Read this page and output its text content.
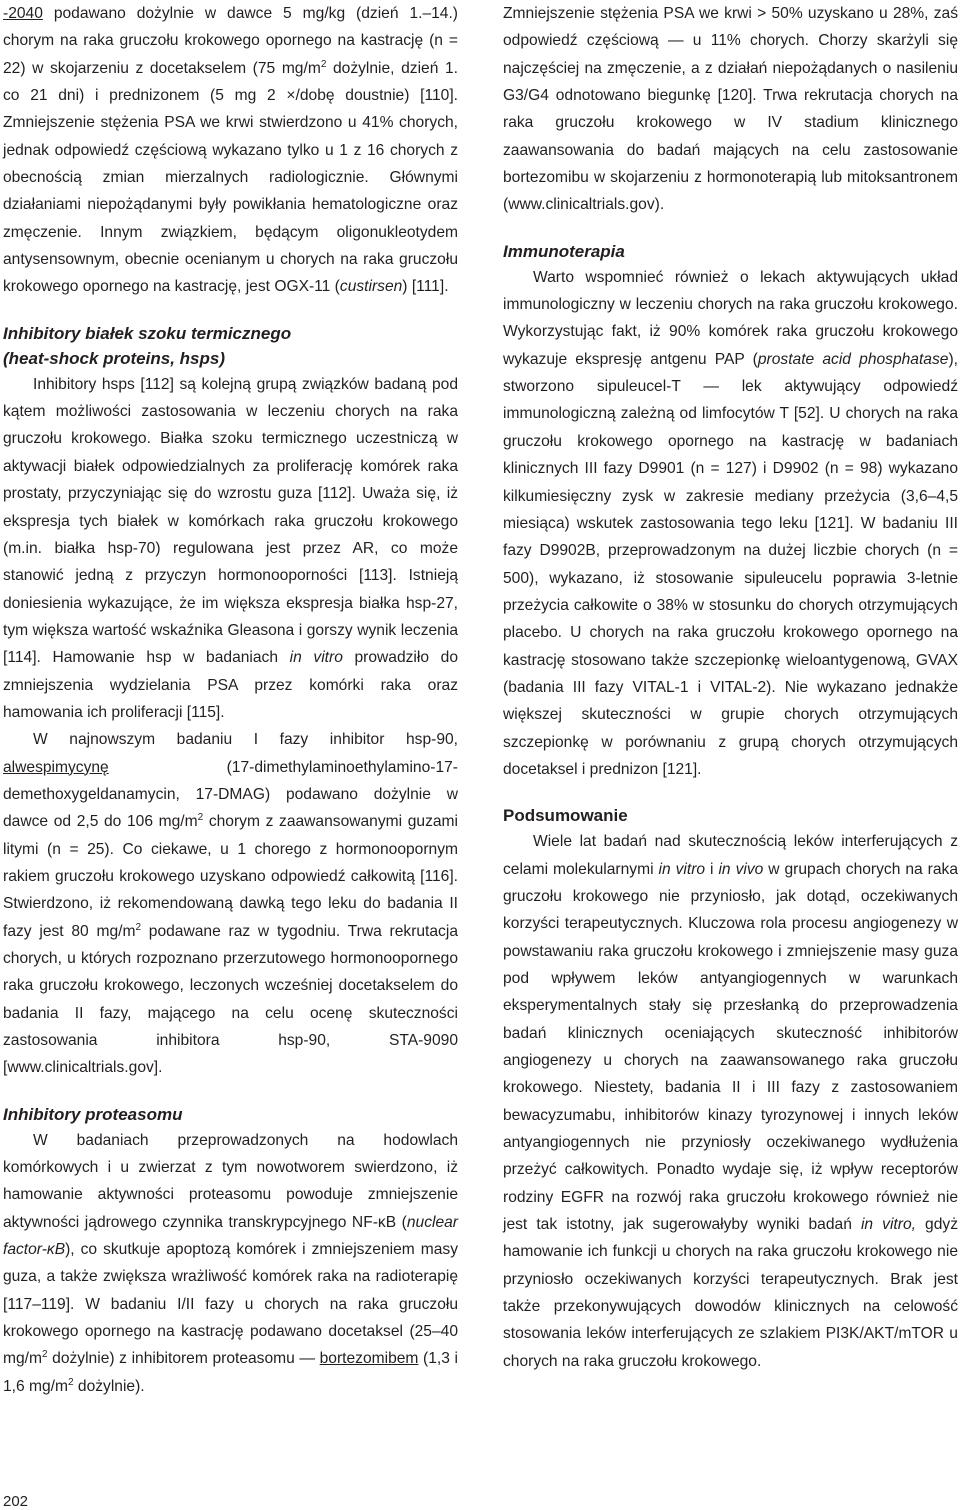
-2040 podawano dożylnie w dawce 5 mg/kg (dzień 1.–14.) chorym na raka gruczołu krokowego opornego na kastrację (n = 22) w skojarzeniu z docetakselem (75 $mg/m^2$ dożylnie, dzień 1. co 21 dni) i prednizonem (5 mg 2 ×/dobę doustnie) [110]. Zmniejszenie stężenia PSA we krwi stwierdzono u 41% chorych, jednak odpowiedź częściową wykazano tylko u 1 z 16 chorych z obecnością zmian mierzalnych radiologicznie. Głównymi działaniami niepożądanymi były powikłania hematologiczne oraz zmęczenie. Innym związkiem, będącym oligonukleotydem antysensownym, obecnie ocenianym u chorych na raka gruczołu krokowego opornego na kastrację, jest OGX-11 (custirsen) [111].

Inhibitory białek szoku termicznego
(heat-shock proteins, hsps)

Inhibitory hsps [112] są kolejną grupą związków badaną pod kątem możliwości zastosowania w leczeniu chorych na raka gruczołu krokowego. Białka szoku termicznego uczestniczą w aktywacji białek odpowiedzialnych za proliferację komórek raka prostaty, przyczyniając się do wzrostu guza [112]. Uważa się, iż ekspresja tych białek w komórkach raka gruczołu krokowego (m.in. białka hsp-70) regulowana jest przez AR, co może stanowić jedną z przyczyn hormonooporności [113]. Istnieją doniesienia wykazujące, że im większa ekspresja białka hsp-27, tym większa wartość wskaźnika Gleasona i gorszy wynik leczenia [114]. Hamowanie hsp w badaniach in vitro prowadziło do zmniejszenia wydzielania PSA przez komórki raka oraz hamowania ich proliferacji [115].

W najnowszym badaniu I fazy inhibitor hsp-90, alwespimycynę (17-dimethylaminoethylamino-17-demethoxygeldanamycin, 17-DMAG) podawano dożylnie w dawce od 2,5 do 106 $mg/m^2$ chorym z zaawansowanymi guzami litymi (n = 25). Co ciekawe, u 1 chorego z hormonoopornym rakiem gruczołu krokowego uzyskano odpowiedź całkowitą [116]. Stwierdzono, iż rekomendowaną dawką tego leku do badania II fazy jest 80 $mg/m^2$ podawane raz w tygodniu. Trwa rekrutacja chorych, u których rozpoznano przerzutowego hormonoopornego raka gruczołu krokowego, leczonych wcześniej docetakselem do badania II fazy, mającego na celu ocenę skuteczności zastosowania inhibitora hsp-90, STA-9090 [www.clinicaltrials.gov].

Inhibitory proteasomu

W badaniach przeprowadzonych na hodowlach komórkowych i u zwierzat z tym nowotworem swierdzono, iż hamowanie aktywności proteasomu powoduje zmniejszenie aktywności jądrowego czynnika transkrypcyjnego NF-κB (nuclear factor-κB), co skutkuje apoptozą komórek i zmniejszeniem masy guza, a także zwiększa wrażliwość komórek raka na radioterapię [117–119]. W badaniu I/II fazy u chorych na raka gruczołu krokowego opornego na kastrację podawano docetaksel (25–40 $mg/m^2$ dożylnie) z inhibitorem proteasomu — bortezomibem (1,3 i 1,6 $mg/m^2$ dożylnie).

Zmniejszenie stężenia PSA we krwi > 50% uzyskano u 28%, zaś odpowiedź częściową — u 11% chorych. Chorzy skarżyli się najczęściej na zmęczenie, a z działań niepożądanych o nasileniu G3/G4 odnotowano biegunkę [120]. Trwa rekrutacja chorych na raka gruczołu krokowego w IV stadium klinicznego zaawansowania do badań mających na celu zastosowanie bortezomibu w skojarzeniu z hormonoterapią lub mitoksantronem (www.clinicaltrials.gov).

Immunoterapia

Warto wspomnieć również o lekach aktywujących układ immunologiczny w leczeniu chorych na raka gruczołu krokowego. Wykorzystując fakt, iż 90% komórek raka gruczołu krokowego wykazuje ekspresję antgenu PAP (prostate acid phosphatase), stworzono sipuleucel-T — lek aktywujący odpowiedź immunologiczną zależną od limfocytów T [52]. U chorych na raka gruczołu krokowego opornego na kastrację w badaniach klinicznych III fazy D9901 (n = 127) i D9902 (n = 98) wykazano kilkumiesięczny zysk w zakresie mediany przeżycia (3,6–4,5 miesiąca) wskutek zastosowania tego leku [121]. W badaniu III fazy D9902B, przeprowadzonym na dużej liczbie chorych (n = 500), wykazano, iż stosowanie sipuleucelu poprawia 3-letnie przeżycia całkowite o 38% w stosunku do chorych otrzymujących placebo. U chorych na raka gruczołu krokowego opornego na kastrację stosowano także szczepionkę wieloantygenową, GVAX (badania III fazy VITAL-1 i VITAL-2). Nie wykazano jednakże większej skuteczności w grupie chorych otrzymujących szczepionkę w porównaniu z grupą chorych otrzymujących docetaksel i prednizon [121].

Podsumowanie

Wiele lat badań nad skutecznością leków interferujących z celami molekularnymi in vitro i in vivo w grupach chorych na raka gruczołu krokowego nie przyniosło, jak dotąd, oczekiwanych korzyści terapeutycznych. Kluczowa rola procesu angiogenezy w powstawaniu raka gruczołu krokowego i zmniejszenie masy guza pod wpływem leków antyangiogennych w warunkach eksperymentalnych stały się przesłanką do przeprowadzenia badań klinicznych oceniających skuteczność inhibitorów angiogenezy u chorych na zaawansowanego raka gruczołu krokowego. Niestety, badania II i III fazy z zastosowaniem bewacyzumabu, inhibitorów kinazy tyrozynowej i innych leków antyangiogennych nie przyniosły oczekiwanego wydłużenia przeżyć całkowitych. Ponadto wydaje się, iż wpływ receptorów rodziny EGFR na rozwój raka gruczołu krokowego również nie jest tak istotny, jak sugerowałyby wyniki badań in vitro, gdyż hamowanie ich funkcji u chorych na raka gruczołu krokowego nie przyniosło oczekiwanych korzyści terapeutycznych. Brak jest także przekonywujących dowodów klinicznych na celowość stosowania leków interferujących ze szlakiem PI3K/AKT/mTOR u chorych na raka gruczołu krokowego.

202
